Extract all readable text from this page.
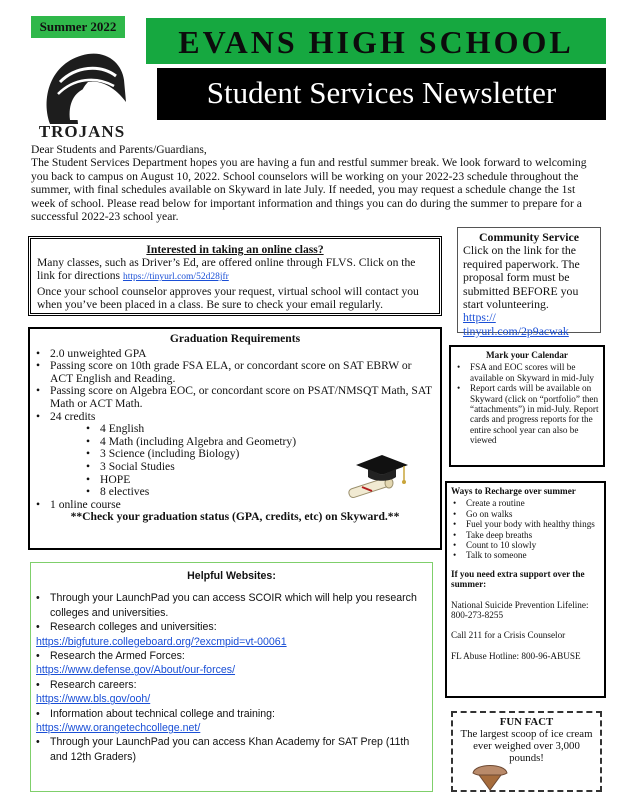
Summer 2022
TROJANS
EVANS HIGH SCHOOL
Student Services Newsletter

Dear Students and Parents/Guardians,

The Student Services Department hopes you are having a fun and restful summer break. We look forward to welcoming you back to campus on August 10, 2022. School counselors will be working on your 2022-23 schedule throughout the summer, with final schedules available on Skyward in late July. If needed, you may request a schedule change the 1st week of school. Please read below for important information and things you can do during the summer to prepare for a successful 2022-23 school year.

Interested in taking an online class?
Many classes, such as Driver’s Ed, are offered online through FLVS. Click on the link for directions https://tinyurl.com/52d28jfr
Once your school counselor approves your request, virtual school will contact you when you’ve been placed in a class. Be sure to check your email regularly.
Community Service
Click on the link for the required paperwork. The proposal form must be submitted BEFORE you start volunteering.
https://
tinyurl.com/2p9acwak
Graduation Requirements
• 2.0 unweighted GPA
• Passing score on 10th grade FSA ELA, or concordant score on SAT EBRW or ACT English and Reading.
• Passing score on Algebra EOC, or concordant score on PSAT/NMSQT Math, SAT Math or ACT Math.
• 24 credits
• 4 English
• 4 Math (including Algebra and Geometry)
• 3 Science (including Biology)
• 3 Social Studies
• HOPE
• 8 electives
• 1 online course
**Check your graduation status (GPA, credits, etc) on Skyward.**
Mark your Calendar
• FSA and EOC scores will be available on Skyward in mid-July
• Report cards will be available on Skyward (click on “portfolio” then “attachments”) in mid-July. Report cards and progress reports for the entire school year can also be viewed
Ways to Recharge over summer
• Create a routine
• Go on walks
• Fuel your body with healthy things
• Take deep breaths
• Count to 10 slowly
• Talk to someone
If you need extra support over the summer:
National Suicide Prevention Lifeline: 800-273-8255
Call 211 for a Crisis Counselor
FL Abuse Hotline: 800-96-ABUSE
Helpful Websites:
• Through your LaunchPad you can access SCOIR which will help you research colleges and universities.
• Research colleges and universities:
https://bigfuture.collegeboard.org/?excmpid=vt-00061
• Research the Armed Forces:
https://www.defense.gov/About/our-forces/
• Research careers:
https://www.bls.gov/ooh/
• Information about technical college and training:
https://www.orangetechcollege.net/
• Through your LaunchPad you can access Khan Academy for SAT Prep (11th and 12th Graders)
FUN FACT
The largest scoop of ice cream ever weighed over 3,000 pounds!
